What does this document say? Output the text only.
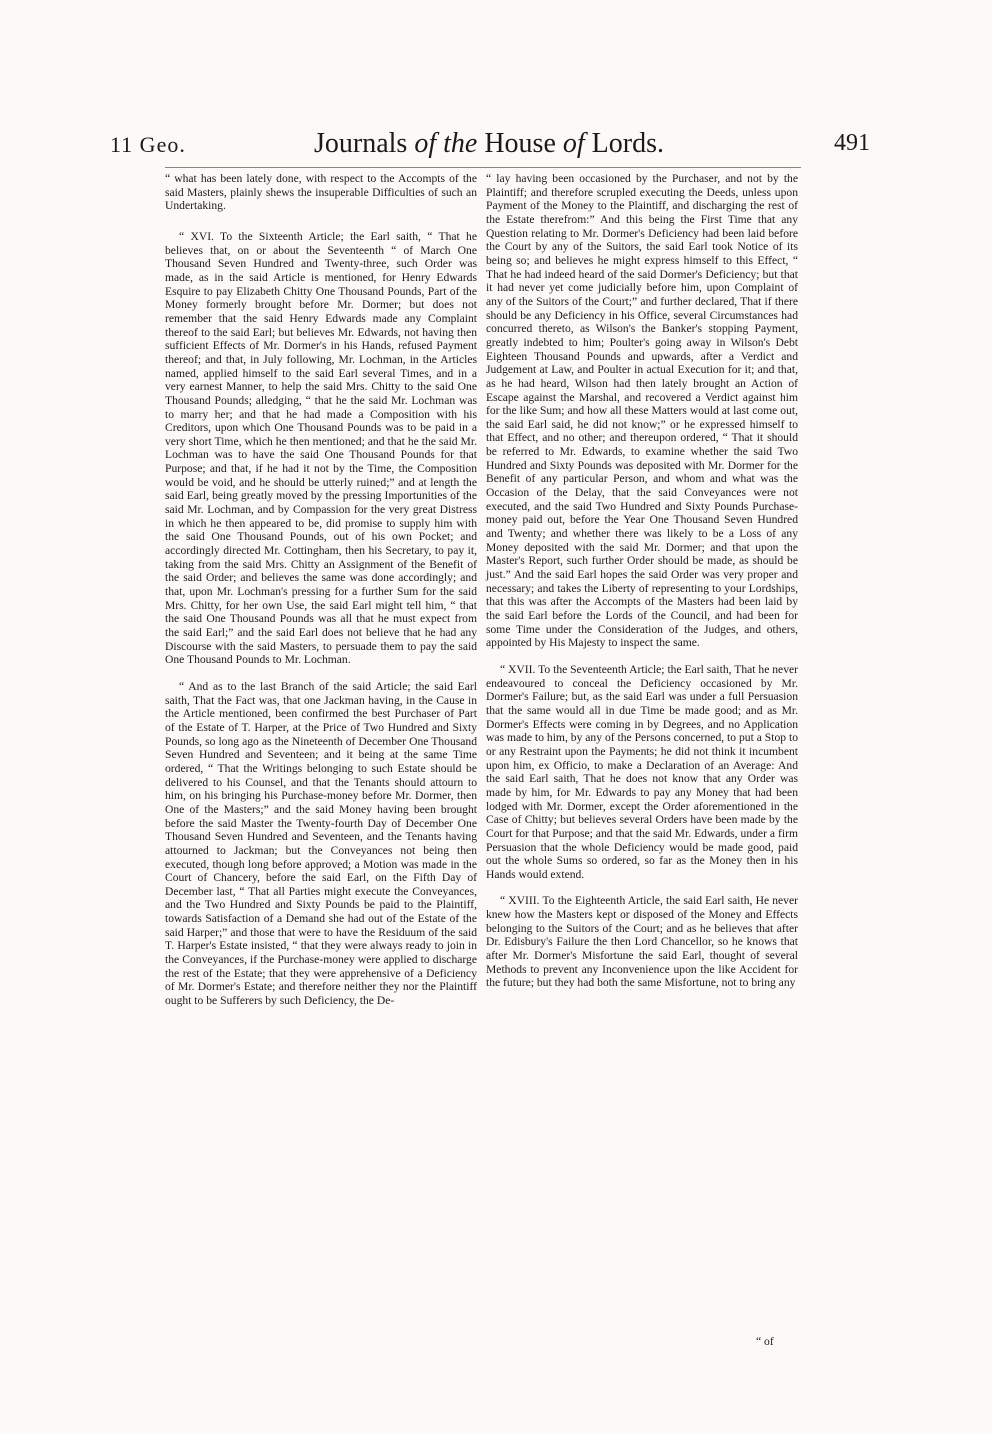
11 Geo.	Journals of the House of Lords.	491

“ what has been lately done, with respect to the Accompts of the said Masters, plainly shews the insuperable Difficulties of such an Undertaking.

“ XVI. To the Sixteenth Article; the Earl saith, “ That he believes that, on or about the Seventeenth “ of March One Thousand Seven Hundred and Twenty-three, such Order was made, as in the said Article is mentioned, for Henry Edwards Esquire to pay Elizabeth Chitty One Thousand Pounds, Part of the Money formerly brought before Mr. Dormer; but does not remember that the said Henry Edwards made any Complaint thereof to the said Earl; but believes Mr. Edwards, not having then sufficient Effects of Mr. Dormer's in his Hands, refused Payment thereof; and that, in July following, Mr. Lochman, in the Articles named, applied himself to the said Earl several Times, and in a very earnest Manner, to help the said Mrs. Chitty to the said One Thousand Pounds; alledging, “ that he the said Mr. Lochman was to marry her; and that he had made a Composition with his Creditors, upon which One Thousand Pounds was to be paid in a very short Time, which he then mentioned; and that he the said Mr. Lochman was to have the said One Thousand Pounds for that Purpose; and that, if he had it not by the Time, the Composition would be void, and he should be utterly ruined;” and at length the said Earl, being greatly moved by the pressing Importunities of the said Mr. Lochman, and by Compassion for the very great Distress in which he then appeared to be, did promise to supply him with the said One Thousand Pounds, out of his own Pocket; and accordingly directed Mr. Cottingham, then his Secretary, to pay it, taking from the said Mrs. Chitty an Assignment of the Benefit of the said Order; and believes the same was done accordingly; and that, upon Mr. Lochman's pressing for a further Sum for the said Mrs. Chitty, for her own Use, the said Earl might tell him, “ that the said One Thousand Pounds was all that he must expect from the said Earl;” and the said Earl does not believe that he had any Discourse with the said Masters, to persuade them to pay the said One Thousand Pounds to Mr. Lochman.

“ And as to the last Branch of the said Article; the said Earl saith, That the Fact was, that one Jackman having, in the Cause in the Article mentioned, been confirmed the best Purchaser of Part of the Estate of T. Harper, at the Price of Two Hundred and Sixty Pounds, so long ago as the Nineteenth of December One Thousand Seven Hundred and Seventeen; and it being at the same Time ordered, “ That the Writings belonging to such Estate should be delivered to his Counsel, and that the Tenants should attourn to him, on his bringing his Purchase-money before Mr. Dormer, then One of the Masters;” and the said Money having been brought before the said Master the Twenty-fourth Day of December One Thousand Seven Hundred and Seventeen, and the Tenants having attourned to Jackman; but the Conveyances not being then executed, though long before approved; a Motion was made in the Court of Chancery, before the said Earl, on the Fifth Day of December last, “ That all Parties might execute the Conveyances, and the Two Hundred and Sixty Pounds be paid to the Plaintiff, towards Satisfaction of a Demand she had out of the Estate of the said Harper;” and those that were to have the Residuum of the said T. Harper's Estate insisted, “ that they were always ready to join in the Conveyances, if the Purchase-money were applied to discharge the rest of the Estate; that they were apprehensive of a Deficiency of Mr. Dormer's Estate; and therefore neither they nor the Plaintiff ought to be Sufferers by such Deficiency, the De-

“ lay having been occasioned by the Purchaser, and not by the Plaintiff; and therefore scrupled executing the Deeds, unless upon Payment of the Money to the Plaintiff, and discharging the rest of the Estate therefrom:” And this being the First Time that any Question relating to Mr. Dormer's Deficiency had been laid before the Court by any of the Suitors, the said Earl took Notice of its being so; and believes he might express himself to this Effect, “ That he had indeed heard of the said Dormer's Deficiency; but that it had never yet come judicially before him, upon Complaint of any of the Suitors of the Court;” and further declared, That if there should be any Deficiency in his Office, several Circumstances had concurred thereto, as Wilson's the Banker's stopping Payment, greatly indebted to him; Poulter's going away in Wilson's Debt Eighteen Thousand Pounds and upwards, after a Verdict and Judgement at Law, and Poulter in actual Execution for it; and that, as he had heard, Wilson had then lately brought an Action of Escape against the Marshal, and recovered a Verdict against him for the like Sum; and how all these Matters would at last come out, the said Earl said, he did not know;” or he expressed himself to that Effect, and no other; and thereupon ordered, “ That it should be referred to Mr. Edwards, to examine whether the said Two Hundred and Sixty Pounds was deposited with Mr. Dormer for the Benefit of any particular Person, and whom and what was the Occasion of the Delay, that the said Conveyances were not executed, and the said Two Hundred and Sixty Pounds Purchase-money paid out, before the Year One Thousand Seven Hundred and Twenty; and whether there was likely to be a Loss of any Money deposited with the said Mr. Dormer; and that upon the Master's Report, such further Order should be made, as should be just.” And the said Earl hopes the said Order was very proper and necessary; and takes the Liberty of representing to your Lordships, that this was after the Accompts of the Masters had been laid by the said Earl before the Lords of the Council, and had been for some Time under the Consideration of the Judges, and others, appointed by His Majesty to inspect the same.

“ XVII. To the Seventeenth Article; the Earl saith, That he never endeavoured to conceal the Deficiency occasioned by Mr. Dormer's Failure; but, as the said Earl was under a full Persuasion that the same would all in due Time be made good; and as Mr. Dormer's Effects were coming in by Degrees, and no Application was made to him, by any of the Persons concerned, to put a Stop to or any Restraint upon the Payments; he did not think it incumbent upon him, ex Officio, to make a Declaration of an Average: And the said Earl saith, That he does not know that any Order was made by him, for Mr. Edwards to pay any Money that had been lodged with Mr. Dormer, except the Order aforementioned in the Case of Chitty; but believes several Orders have been made by the Court for that Purpose; and that the said Mr. Edwards, under a firm Persuasion that the whole Deficiency would be made good, paid out the whole Sums so ordered, so far as the Money then in his Hands would extend.

“ XVIII. To the Eighteenth Article, the said Earl saith, He never knew how the Masters kept or disposed of the Money and Effects belonging to the Suitors of the Court; and as he believes that after Dr. Edisbury's Failure the then Lord Chancellor, so he knows that after Mr. Dormer's Misfortune the said Earl, thought of several Methods to prevent any Inconvenience upon the like Accident for the future; but they had both the same Misfortune, not to bring any

“ of
